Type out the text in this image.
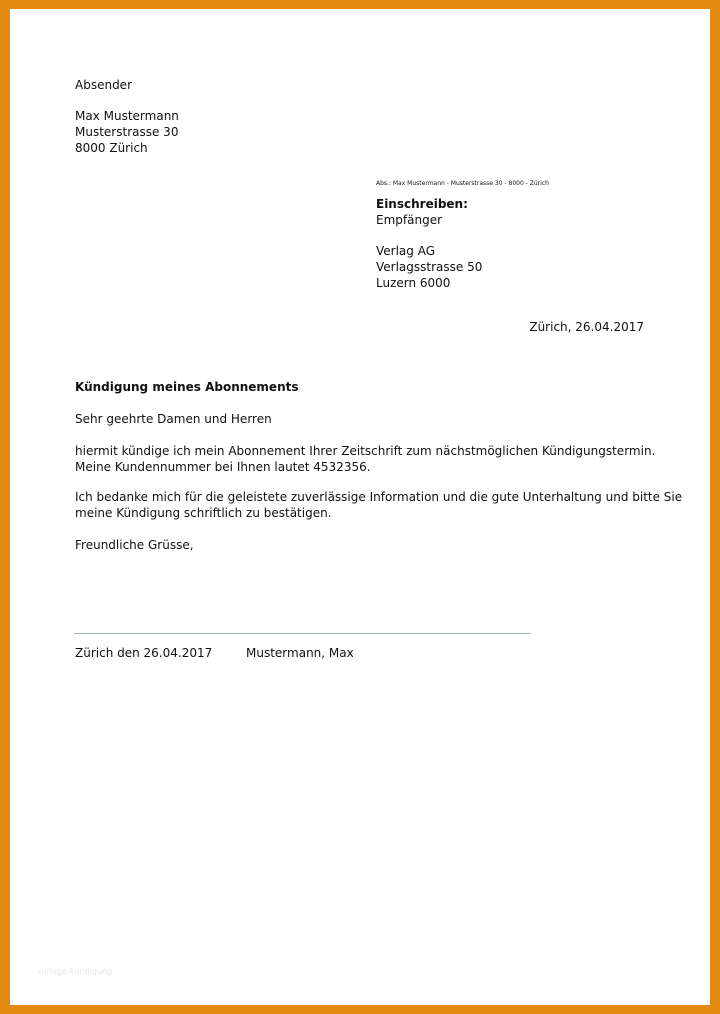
Absender
Max Mustermann
Musterstrasse 30
8000 Zürich
Abs.: Max Mustermann - Musterstrasse 30 - 8000 - Zürich
Einschreiben:
Empfänger
Verlag AG
Verlagsstrasse 50
Luzern 6000
Zürich, 26.04.2017
Kündigung meines Abonnements
Sehr geehrte Damen und Herren
hiermit kündige ich mein Abonnement Ihrer Zeitschrift zum nächstmöglichen Kündigungstermin.
Meine Kundennummer bei Ihnen lautet 4532356.
Ich bedanke mich für die geleistete zuverlässige Information und die gute Unterhaltung und bitte Sie
meine Kündigung schriftlich zu bestätigen.
Freundliche Grüsse,
Zürich den 26.04.2017	Mustermann, Max
vorlage-kündigung
